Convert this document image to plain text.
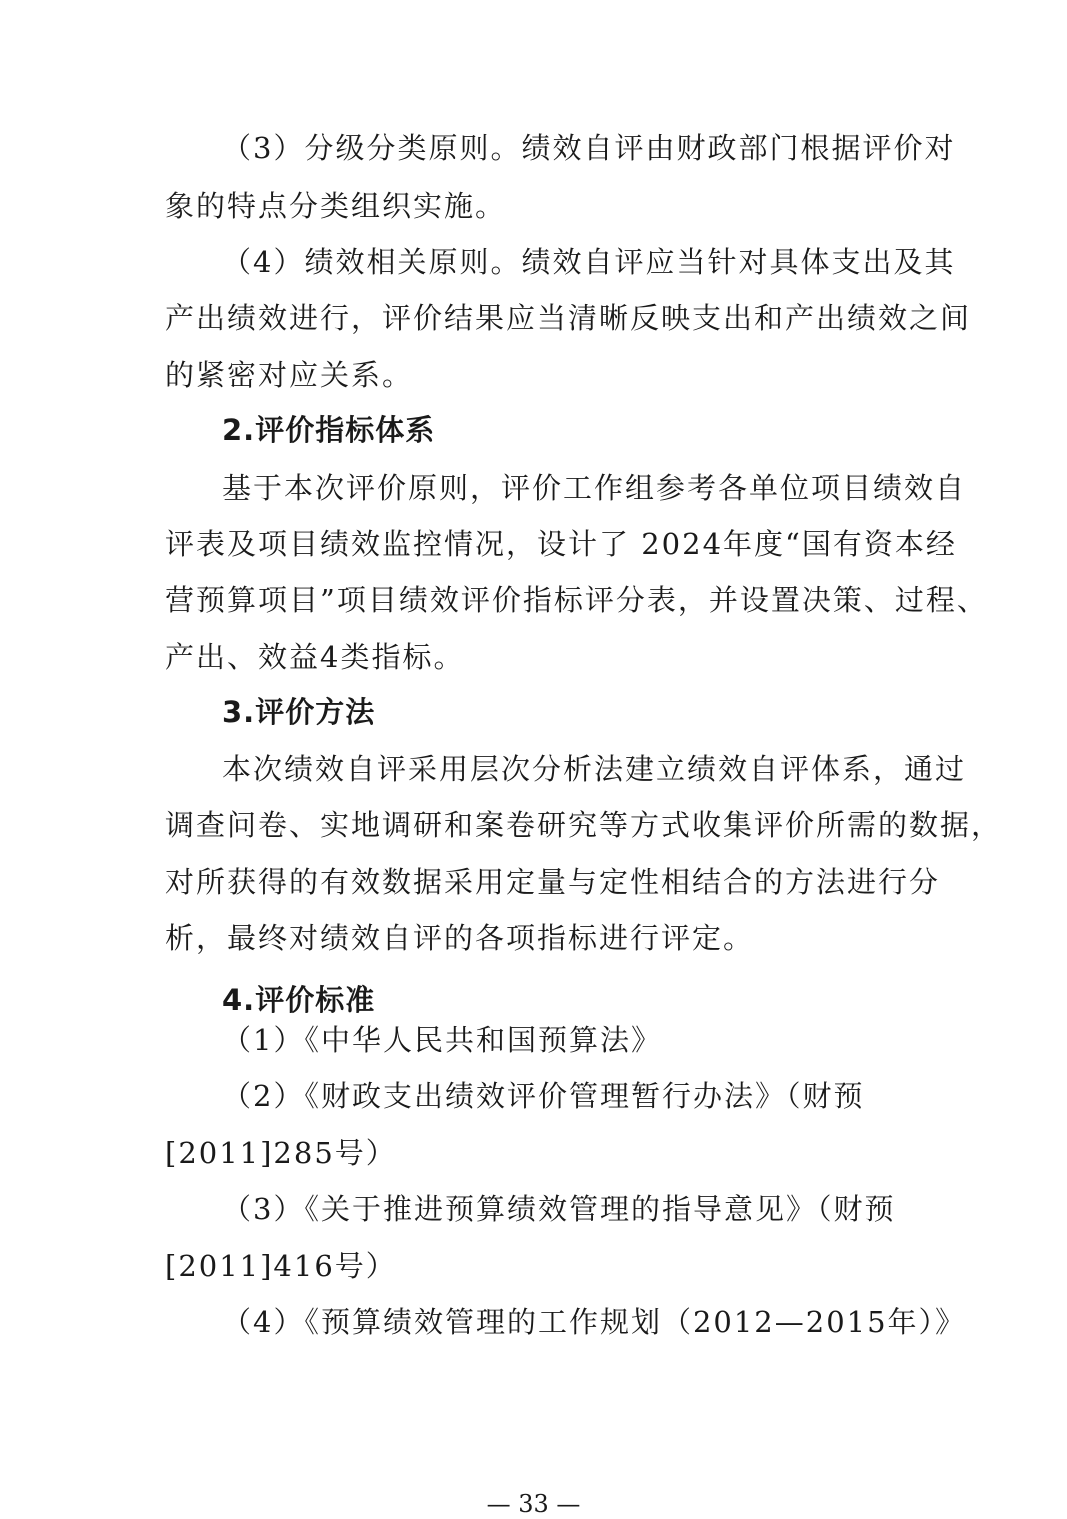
（3）分级分类原则。绩效自评由财政部门根据评价对
象的特点分类组织实施。
（4）绩效相关原则。绩效自评应当针对具体支出及其
产出绩效进行，评价结果应当清晰反映支出和产出绩效之间
的紧密对应关系。
2.评价指标体系
基于本次评价原则，评价工作组参考各单位项目绩效自
评表及项目绩效监控情况，设计了 2024年度“国有资本经
营预算项目”项目绩效评价指标评分表，并设置决策、过程、
产出、效益4类指标。
3.评价方法
本次绩效自评采用层次分析法建立绩效自评体系，通过
调查问卷、实地调研和案卷研究等方式收集评价所需的数据，
对所获得的有效数据采用定量与定性相结合的方法进行分
析，最终对绩效自评的各项指标进行评定。
4.评价标准
（1）《中华人民共和国预算法》
（2）《财政支出绩效评价管理暂行办法》（财预
[2011]285号）
（3）《关于推进预算绩效管理的指导意见》（财预
[2011]416号）
（4）《预算绩效管理的工作规划（2012—2015年）》
— 33 —
